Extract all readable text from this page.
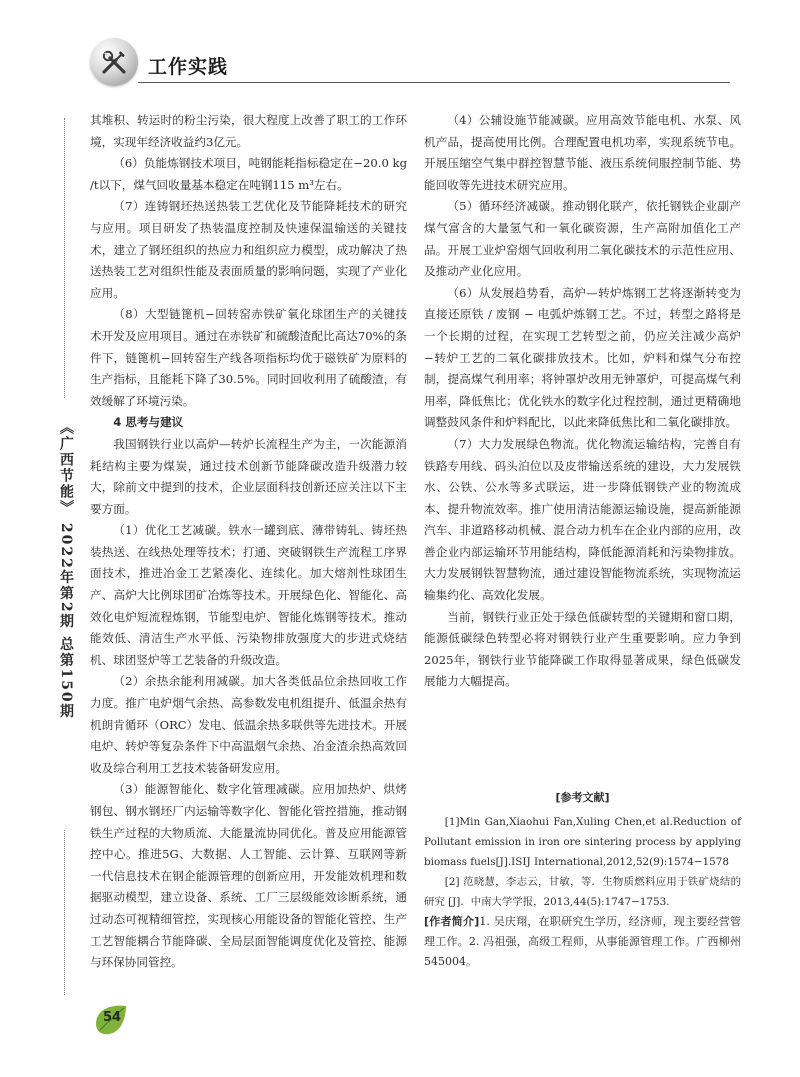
工作实践
《广西节能》 2022年第2期 总第150期

其堆积、转运时的粉尘污染，很大程度上改善了职工的工作环境，实现年经济收益约3亿元。

（6）负能炼钢技术项目，吨钢能耗指标稳定在−20.0 kg /t以下，煤气回收量基本稳定在吨钢115 m³左右。

（7）连铸钢坯热送热装工艺优化及节能降耗技术的研究与应用。项目研发了热装温度控制及快速保温输送的关键技术，建立了钢坯组织的热应力和组织应力模型，成功解决了热送热装工艺对组织性能及表面质量的影响问题，实现了产业化应用。

（8）大型链篦机−回转窑赤铁矿氧化球团生产的关键技术开发及应用项目。通过在赤铁矿和硫酸渣配比高达70%的条件下，链篦机−回转窑生产线各项指标均优于磁铁矿为原料的生产指标，且能耗下降了30.5%。同时回收利用了硫酸渣，有效缓解了环境污染。

4 思考与建议

我国钢铁行业以高炉—转炉长流程生产为主，一次能源消耗结构主要为煤炭，通过技术创新节能降碳改造升级潜力较大，除前文中提到的技术，企业层面科技创新还应关注以下主要方面。

（1）优化工艺减碳。铁水一罐到底、薄带铸轧、铸坯热装热送、在线热处理等技术；打通、突破钢铁生产流程工序界面技术，推进冶金工艺紧凑化、连续化。加大熔剂性球团生产、高炉大比例球团矿冶炼等技术。开展绿色化、智能化、高效化电炉短流程炼钢，节能型电炉、智能化炼钢等技术。推动能效低、清洁生产水平低、污染物排放强度大的步进式烧结机、球团竖炉等工艺装备的升级改造。

（2）余热余能利用减碳。加大各类低品位余热回收工作力度。推广电炉烟气余热、高参数发电机组提升、低温余热有机朗肯循环（ORC）发电、低温余热多联供等先进技术。开展电炉、转炉等复杂条件下中高温烟气余热、冶金渣余热高效回收及综合利用工艺技术装备研发应用。

（3）能源智能化、数字化管理减碳。应用加热炉、烘烤钢包、钢水钢坯厂内运输等数字化、智能化管控措施，推动钢铁生产过程的大物质流、大能量流协同优化。普及应用能源管控中心。推进5G、大数据、人工智能、云计算、互联网等新一代信息技术在钢企能源管理的创新应用，开发能效机理和数据驱动模型，建立设备、系统、工厂三层级能效诊断系统，通过动态可视精细管控，实现核心用能设备的智能化管控、生产工艺智能耦合节能降碳、全局层面智能调度优化及管控、能源与环保协同管控。

（4）公辅设施节能减碳。应用高效节能电机、水泵、风机产品，提高使用比例。合理配置电机功率，实现系统节电。开展压缩空气集中群控智慧节能、液压系统伺服控制节能、势能回收等先进技术研究应用。

（5）循环经济减碳。推动钢化联产，依托钢铁企业副产煤气富含的大量氢气和一氧化碳资源，生产高附加值化工产品。开展工业炉窑烟气回收利用二氧化碳技术的示范性应用、及推动产业化应用。

（6）从发展趋势看，高炉—转炉炼钢工艺将逐渐转变为直接还原铁 / 废钢 − 电弧炉炼钢工艺。不过，转型之路将是一个长期的过程，在实现工艺转型之前，仍应关注减少高炉−转炉工艺的二氧化碳排放技术。比如，炉料和煤气分布控制，提高煤气利用率；将钟罩炉改用无钟罩炉，可提高煤气利用率，降低焦比；优化铁水的数字化过程控制，通过更精确地调整鼓风条件和炉料配比，以此来降低焦比和二氧化碳排放。

（7）大力发展绿色物流。优化物流运输结构，完善自有铁路专用线、码头泊位以及皮带输送系统的建设，大力发展铁水、公铁、公水等多式联运，进一步降低钢铁产业的物流成本、提升物流效率。推广使用清洁能源运输设施，提高新能源汽车、非道路移动机械、混合动力机车在企业内部的应用，改善企业内部运输环节用能结构，降低能源消耗和污染物排放。大力发展钢铁智慧物流，通过建设智能物流系统，实现物流运输集约化、高效化发展。

当前，钢铁行业正处于绿色低碳转型的关键期和窗口期，能源低碳绿色转型必将对钢铁行业产生重要影响。应力争到2025年，钢铁行业节能降碳工作取得显著成果，绿色低碳发展能力大幅提高。

[参考文献]

[1]Min Gan,Xiaohui Fan,Xuling Chen,et al.Reduction of Pollutant emission in iron ore sintering process by applying biomass fuels[J].ISIJ International,2012,52(9):1574−1578

[2] 范晓慧，李志云，甘敏，等．生物质燃料应用于铁矿烧结的研究 [J]．中南大学学报，2013,44(5):1747−1753.

[作者简介]1. 吴庆翔，在职研究生学历，经济师，现主要经营管理工作。2. 冯祖强，高级工程师，从事能源管理工作。广西柳州 545004。
54
